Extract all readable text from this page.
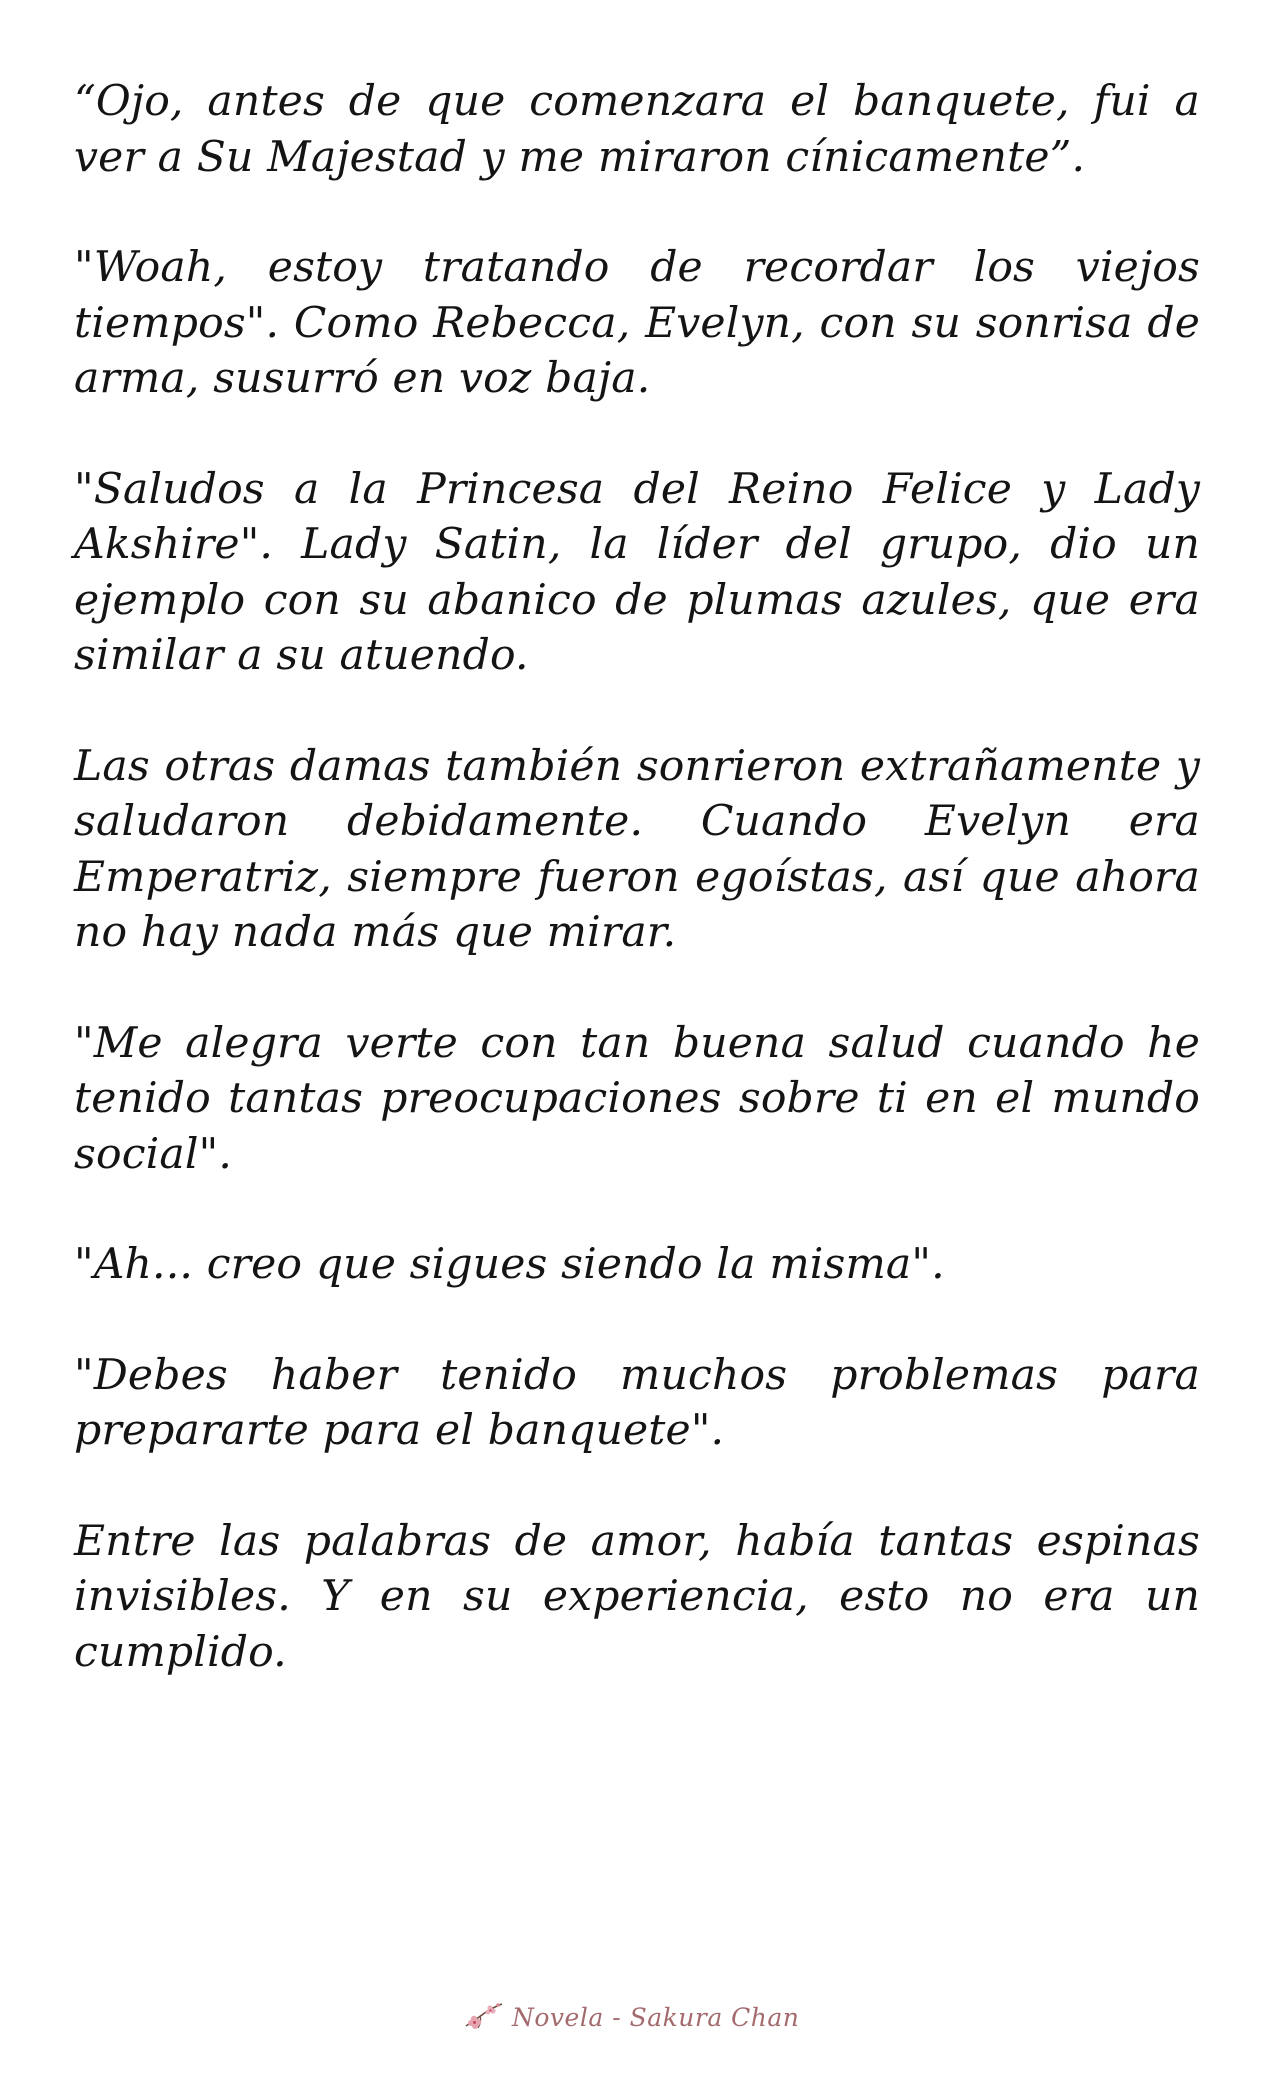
“Ojo, antes de que comenzara el banquete, fui a ver a Su Majestad y me miraron cínicamente”.

"Woah, estoy tratando de recordar los viejos tiempos". Como Rebecca, Evelyn, con su sonrisa de arma, susurró en voz baja.

"Saludos a la Princesa del Reino Felice y Lady Akshire". Lady Satin, la líder del grupo, dio un ejemplo con su abanico de plumas azules, que era similar a su atuendo.

Las otras damas también sonrieron extrañamente y saludaron debidamente. Cuando Evelyn era Emperatriz, siempre fueron egoístas, así que ahora no hay nada más que mirar.

"Me alegra verte con tan buena salud cuando he tenido tantas preocupaciones sobre ti en el mundo social".

"Ah... creo que sigues siendo la misma".

"Debes haber tenido muchos problemas para prepararte para el banquete".

Entre las palabras de amor, había tantas espinas invisibles. Y en su experiencia, esto no era un cumplido.

Novela - Sakura Chan
